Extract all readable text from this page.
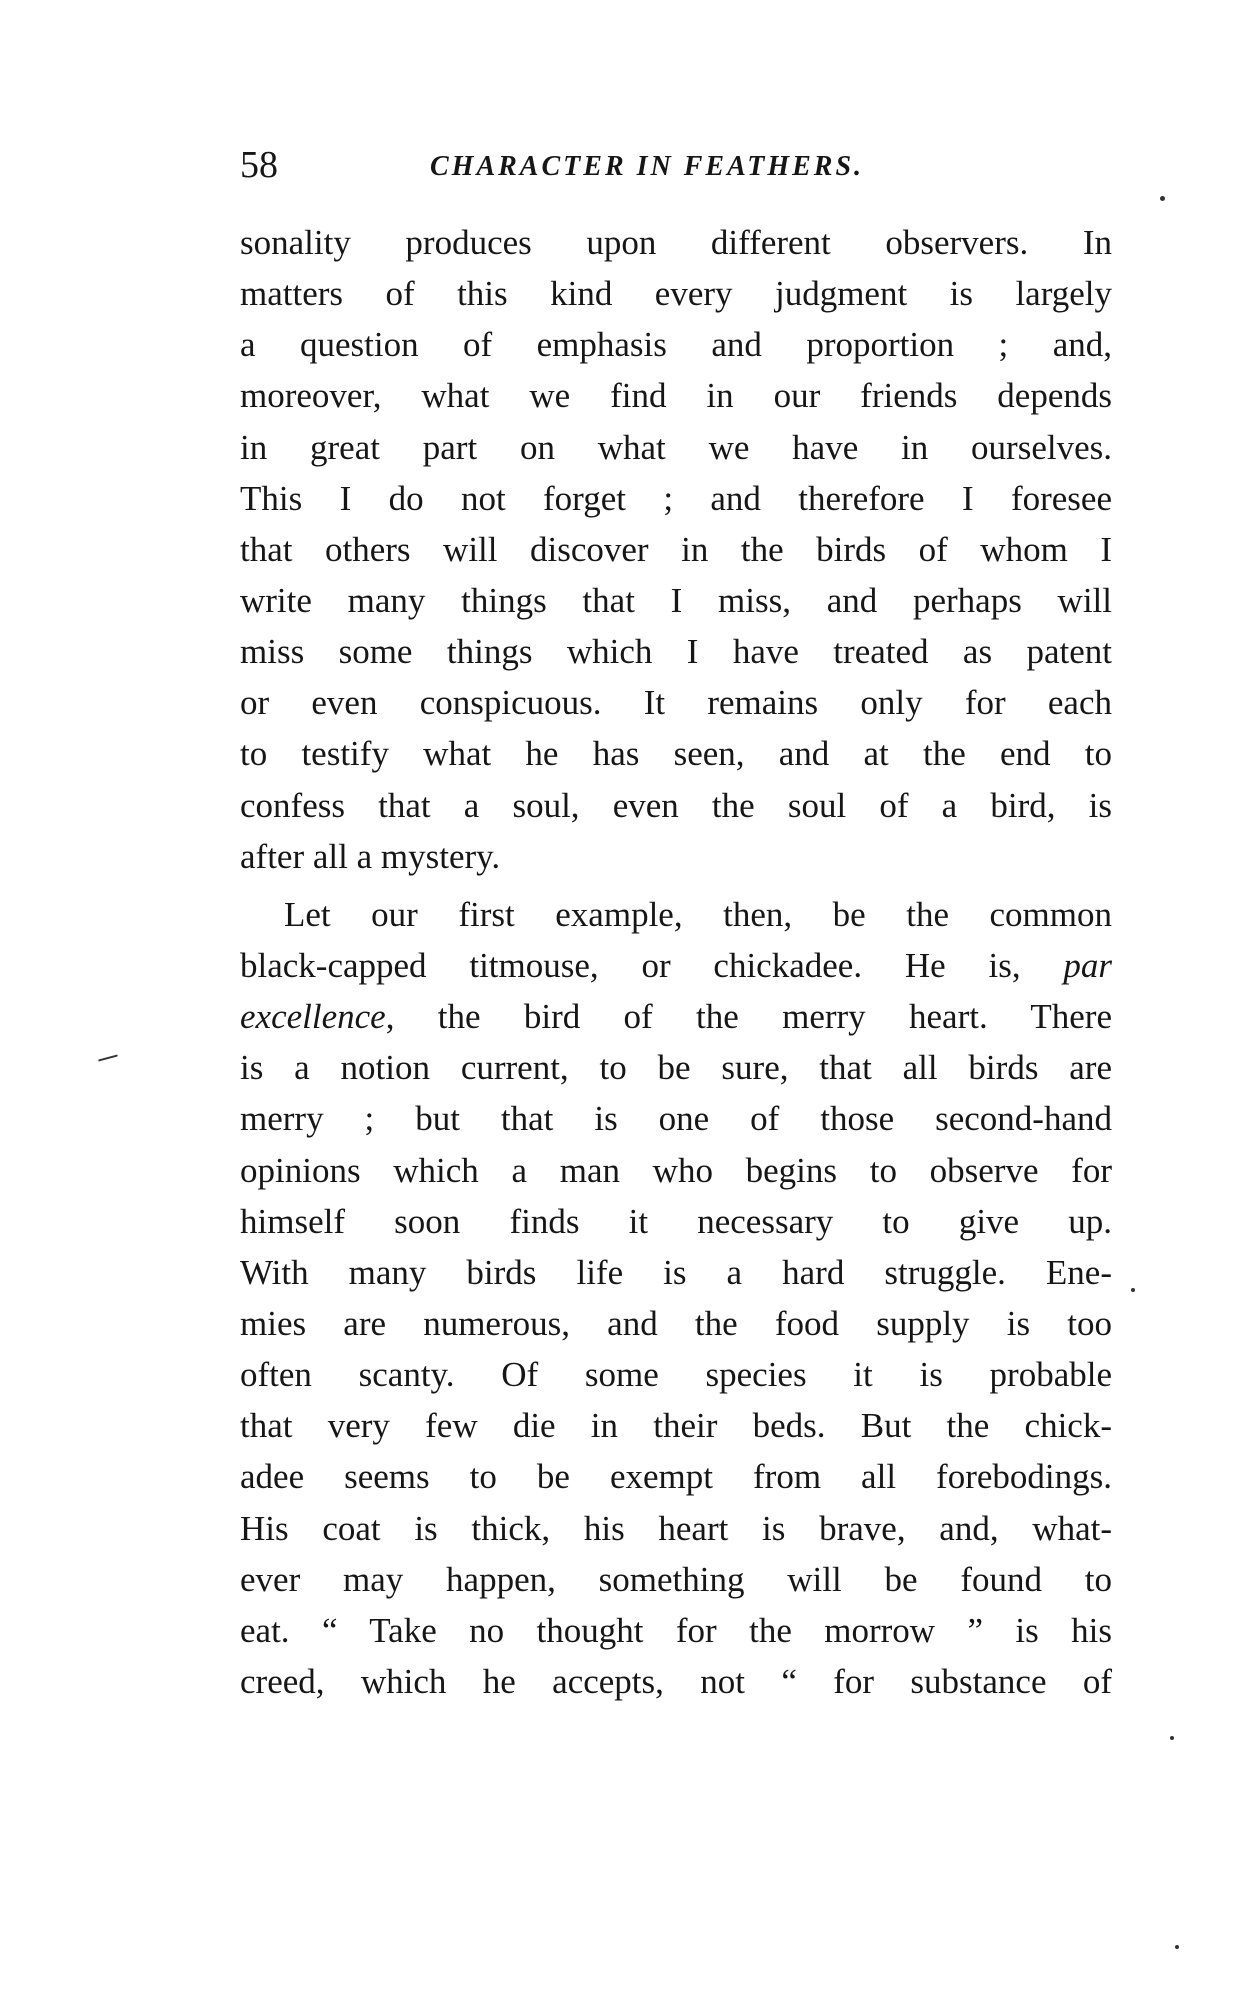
58	CHARACTER IN FEATHERS.
sonality produces upon different observers. In
matters of this kind every judgment is largely
a question of emphasis and proportion ; and,
moreover, what we find in our friends depends
in great part on what we have in ourselves.
This I do not forget ; and therefore I foresee
that others will discover in the birds of whom I
write many things that I miss, and perhaps will
miss some things which I have treated as patent
or even conspicuous. It remains only for each
to testify what he has seen, and at the end to
confess that a soul, even the soul of a bird, is
after all a mystery.
Let our first example, then, be the common
black-capped titmouse, or chickadee. He is, par
excellence, the bird of the merry heart. There
is a notion current, to be sure, that all birds are
merry ; but that is one of those second-hand
opinions which a man who begins to observe for
himself soon finds it necessary to give up.
With many birds life is a hard struggle. Ene-
mies are numerous, and the food supply is too
often scanty. Of some species it is probable
that very few die in their beds. But the chick-
adee seems to be exempt from all forebodings.
His coat is thick, his heart is brave, and, what-
ever may happen, something will be found to
eat. “ Take no thought for the morrow ” is his
creed, which he accepts, not “ for substance of
